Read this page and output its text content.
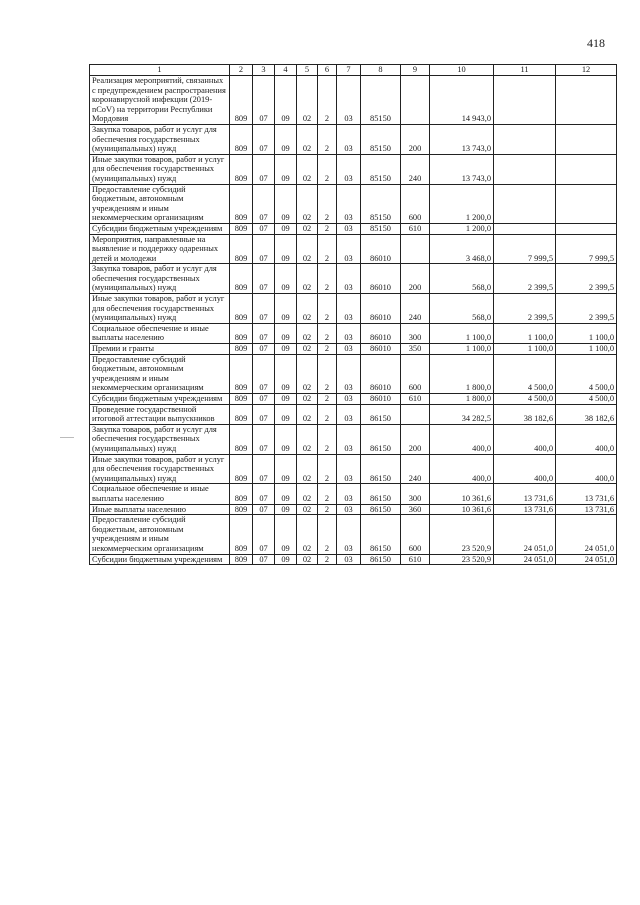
418
1	2	3	4	5	6	7	8	9	10	11	12
Реализация мероприятий, связанных с предупреждением распространения коронавирусной инфекции (2019-nCoV) на территории Республики Мордовия	809	07	09	02	2	03	85150		14 943,0		
Закупка товаров, работ и услуг для обеспечения государственных (муниципальных) нужд	809	07	09	02	2	03	85150	200	13 743,0		
Иные закупки товаров, работ и услуг для обеспечения государственных (муниципальных) нужд	809	07	09	02	2	03	85150	240	13 743,0		
Предоставление субсидий бюджетным, автономным учреждениям и иным некоммерческим организациям	809	07	09	02	2	03	85150	600	1 200,0		
Субсидии бюджетным учреждениям	809	07	09	02	2	03	85150	610	1 200,0		
Мероприятия, направленные на выявление и поддержку одаренных детей и молодежи	809	07	09	02	2	03	86010		3 468,0	7 999,5	7 999,5
Закупка товаров, работ и услуг для обеспечения государственных (муниципальных) нужд	809	07	09	02	2	03	86010	200	568,0	2 399,5	2 399,5
Иные закупки товаров, работ и услуг для обеспечения государственных (муниципальных) нужд	809	07	09	02	2	03	86010	240	568,0	2 399,5	2 399,5
Социальное обеспечение и иные выплаты населению	809	07	09	02	2	03	86010	300	1 100,0	1 100,0	1 100,0
Премии и гранты	809	07	09	02	2	03	86010	350	1 100,0	1 100,0	1 100,0
Предоставление субсидий бюджетным, автономным учреждениям и иным некоммерческим организациям	809	07	09	02	2	03	86010	600	1 800,0	4 500,0	4 500,0
Субсидии бюджетным учреждениям	809	07	09	02	2	03	86010	610	1 800,0	4 500,0	4 500,0
Проведение государственной итоговой аттестации выпускников	809	07	09	02	2	03	86150		34 282,5	38 182,6	38 182,6
Закупка товаров, работ и услуг для обеспечения государственных (муниципальных) нужд	809	07	09	02	2	03	86150	200	400,0	400,0	400,0
Иные закупки товаров, работ и услуг для обеспечения государственных (муниципальных) нужд	809	07	09	02	2	03	86150	240	400,0	400,0	400,0
Социальное обеспечение и иные выплаты населению	809	07	09	02	2	03	86150	300	10 361,6	13 731,6	13 731,6
Иные выплаты населению	809	07	09	02	2	03	86150	360	10 361,6	13 731,6	13 731,6
Предоставление субсидий бюджетным, автономным учреждениям и иным некоммерческим организациям	809	07	09	02	2	03	86150	600	23 520,9	24 051,0	24 051,0
Субсидии бюджетным учреждениям	809	07	09	02	2	03	86150	610	23 520,9	24 051,0	24 051,0
